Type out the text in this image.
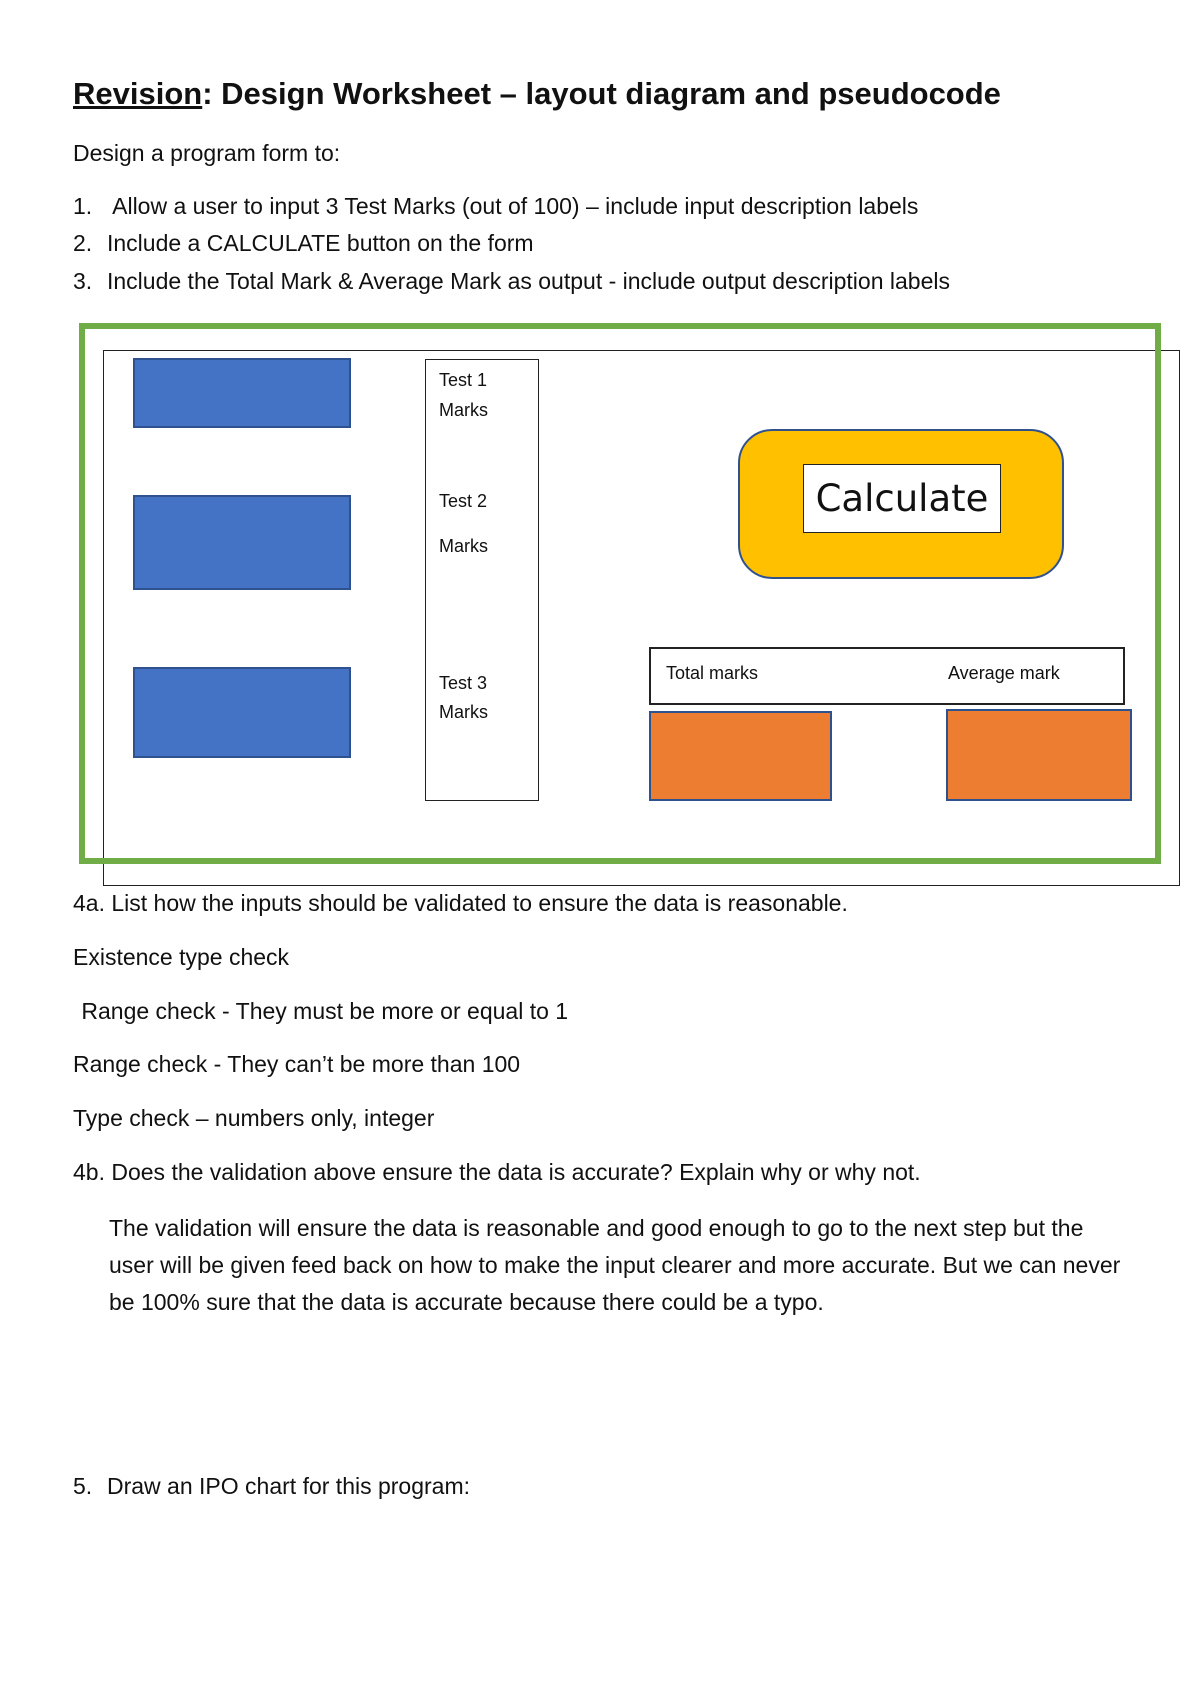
Revision: Design Worksheet – layout diagram and pseudocode

Design a program form to:

1. Allow a user to input 3 Test Marks (out of 100) – include input description labels

2. Include a CALCULATE button on the form

3. Include the Total Mark & Average Mark as output - include output description labels

Test 1
Marks
Test 2
Marks
Test 3
Marks
Calculate
Total marks	Average mark

4a. List how the inputs should be validated to ensure the data is reasonable.

Existence type check

Range check - They must be more or equal to 1

Range check - They can’t be more than 100

Type check – numbers only, integer

4b. Does the validation above ensure the data is accurate? Explain why or why not.

The validation will ensure the data is reasonable and good enough to go to the next step but the user will be given feed back on how to make the input clearer and more accurate. But we can never be 100% sure that the data is accurate because there could be a typo.

5. Draw an IPO chart for this program:
